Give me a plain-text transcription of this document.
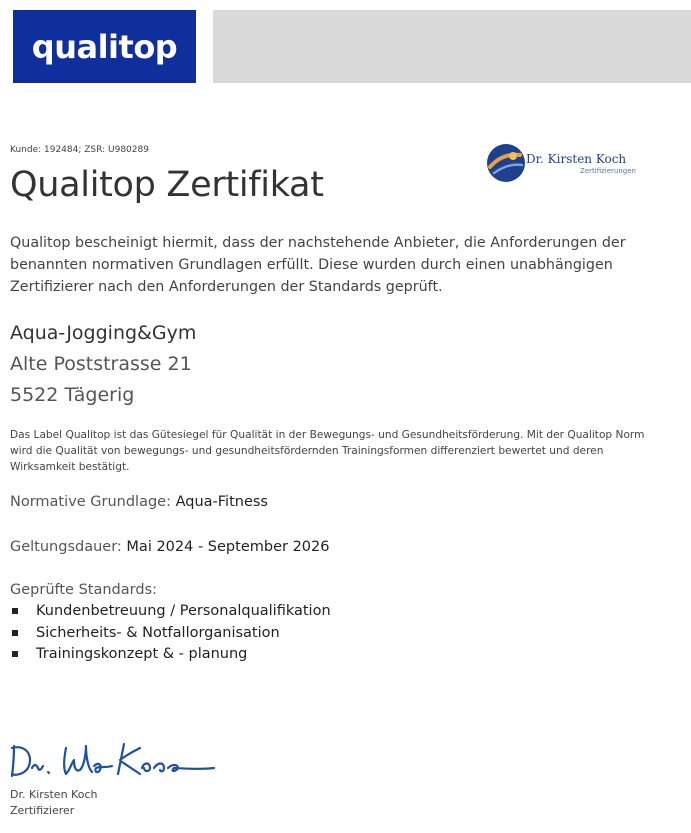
qualitop
Kunde: 192484; ZSR: U980289
Dr. Kirsten Koch
Zertifizierungen
Qualitop Zertifikat

Qualitop bescheinigt hiermit, dass der nachstehende Anbieter, die Anforderungen der benannten normativen Grundlagen erfüllt. Diese wurden durch einen unabhängigen Zertifizierer nach den Anforderungen der Standards geprüft.

Aqua-Jogging&Gym
Alte Poststrasse 21
5522 Tägerig

Das Label Qualitop ist das Gütesiegel für Qualität in der Bewegungs- und Gesundheitsförderung. Mit der Qualitop Norm wird die Qualität von bewegungs- und gesundheitsfördernden Trainingsformen differenziert bewertet und deren Wirksamkeit bestätigt.

Normative Grundlage: Aqua-Fitness
Geltungsdauer: Mai 2024 - September 2026
Geprüfte Standards:
Kundenbetreuung / Personalqualifikation
Sicherheits- & Notfallorganisation
Trainingskonzept & - planung
Dr. Kirsten Koch
Zertifizierer
